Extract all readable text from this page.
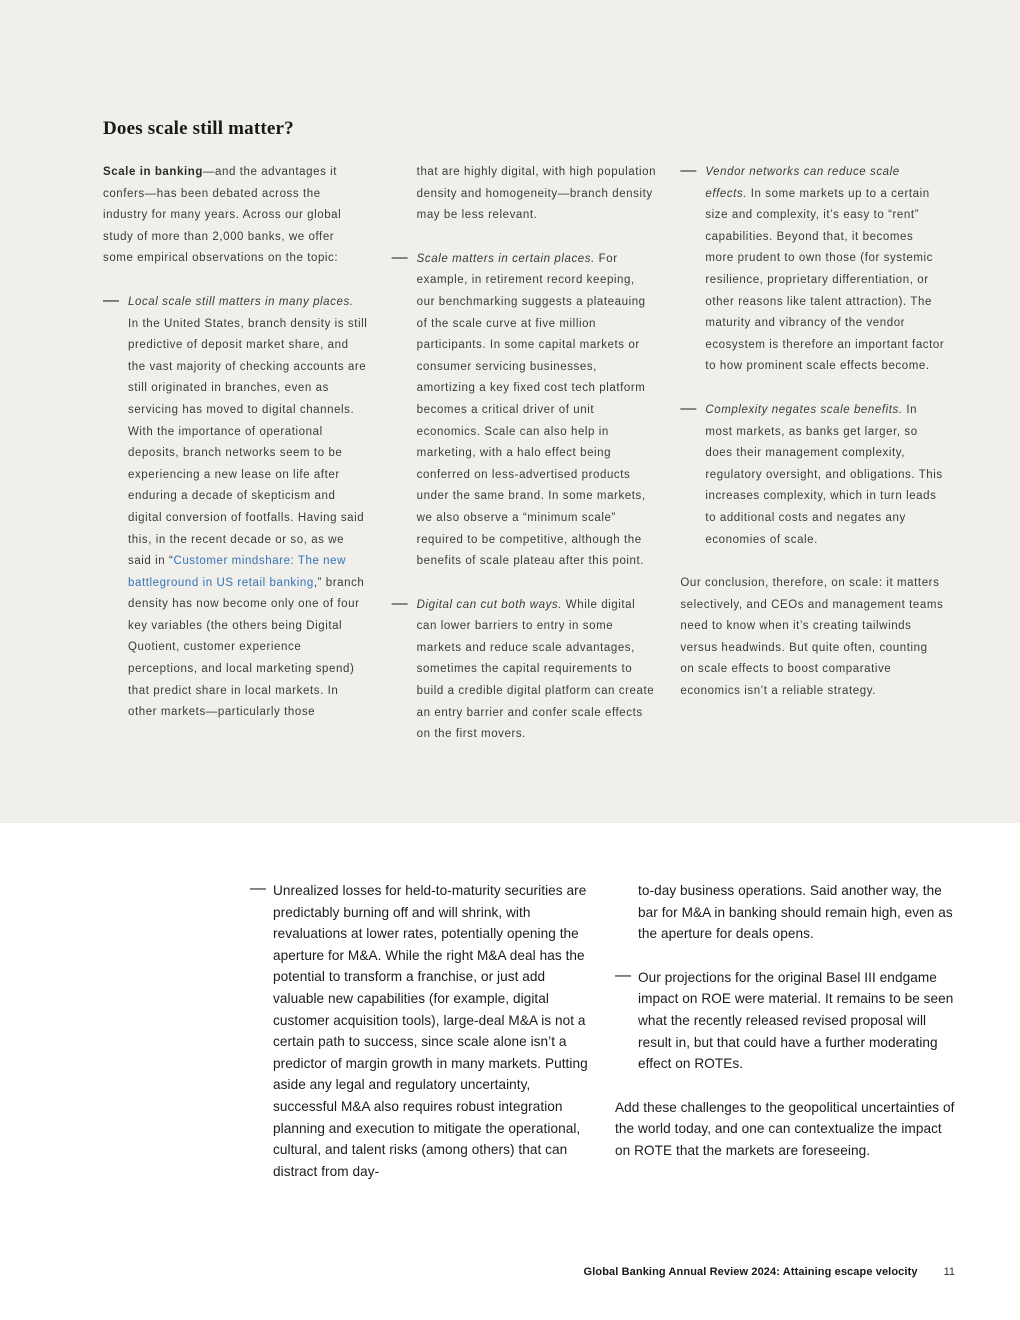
Does scale still matter?

Scale in banking—and the advantages it confers—has been debated across the industry for many years. Across our global study of more than 2,000 banks, we offer some empirical observations on the topic:

— Local scale still matters in many places. In the United States, branch density is still predictive of deposit market share, and the vast majority of checking accounts are still originated in branches, even as servicing has moved to digital channels. With the importance of operational deposits, branch networks seem to be experiencing a new lease on life after enduring a decade of skepticism and digital conversion of footfalls. Having said this, in the recent decade or so, as we said in “Customer mindshare: The new battleground in US retail banking,” branch density has now become only one of four key variables (the others being Digital Quotient, customer experience perceptions, and local marketing spend) that predict share in local markets. In other markets—particularly those

that are highly digital, with high population density and homogeneity—branch density may be less relevant.

— Scale matters in certain places. For example, in retirement record keeping, our benchmarking suggests a plateauing of the scale curve at five million participants. In some capital markets or consumer servicing businesses, amortizing a key fixed cost tech platform becomes a critical driver of unit economics. Scale can also help in marketing, with a halo effect being conferred on less-advertised products under the same brand. In some markets, we also observe a “minimum scale” required to be competitive, although the benefits of scale plateau after this point.
— Digital can cut both ways. While digital can lower barriers to entry in some markets and reduce scale advantages, sometimes the capital requirements to build a credible digital platform can create an entry barrier and confer scale effects on the first movers.
— Vendor networks can reduce scale effects. In some markets up to a certain size and complexity, it’s easy to “rent” capabilities. Beyond that, it becomes more prudent to own those (for systemic resilience, proprietary differentiation, or other reasons like talent attraction). The maturity and vibrancy of the vendor ecosystem is therefore an important factor to how prominent scale effects become.
— Complexity negates scale benefits. In most markets, as banks get larger, so does their management complexity, regulatory oversight, and obligations. This increases complexity, which in turn leads to additional costs and negates any economies of scale.

Our conclusion, therefore, on scale: it matters selectively, and CEOs and management teams need to know when it’s creating tailwinds versus headwinds. But quite often, counting on scale effects to boost comparative economics isn’t a reliable strategy.

— Unrealized losses for held-to-maturity securities are predictably burning off and will shrink, with revaluations at lower rates, potentially opening the aperture for M&A. While the right M&A deal has the potential to transform a franchise, or just add valuable new capabilities (for example, digital customer acquisition tools), large-deal M&A is not a certain path to success, since scale alone isn’t a predictor of margin growth in many markets. Putting aside any legal and regulatory uncertainty, successful M&A also requires robust integration planning and execution to mitigate the operational, cultural, and talent risks (among others) that can distract from day-

to-day business operations. Said another way, the bar for M&A in banking should remain high, even as the aperture for deals opens.

— Our projections for the original Basel III endgame impact on ROE were material. It remains to be seen what the recently released revised proposal will result in, but that could have a further moderating effect on ROTEs.

Add these challenges to the geopolitical uncertainties of the world today, and one can contextualize the impact on ROTE that the markets are foreseeing.

Global Banking Annual Review 2024: Attaining escape velocity 11
